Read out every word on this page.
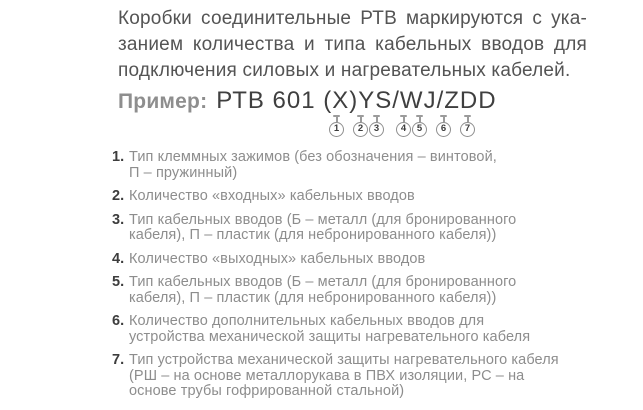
Коробки соединительные РТВ маркируются с ука-
занием количества и типа кабельных вводов для
подключения силовых и нагревательных кабелей.
Пример: РТВ 601 (X)YS/WJ/ZDD
1	2	3	4	5	6	7
1. Тип клеммных зажимов (без обозначения – винтовой,
П – пружинный)
2. Количество «входных» кабельных вводов
3. Тип кабельных вводов (Б – металл (для бронированного
кабеля), П – пластик (для небронированного кабеля))
4. Количество «выходных» кабельных вводов
5. Тип кабельных вводов (Б – металл (для бронированного
кабеля), П – пластик (для небронированного кабеля))
6. Количество дополнительных кабельных вводов для
устройства механической защиты нагревательного кабеля
7. Тип устройства механической защиты нагревательного кабеля
(РШ – на основе металлорукава в ПВХ изоляции, РС – на
основе трубы гофрированной стальной)
